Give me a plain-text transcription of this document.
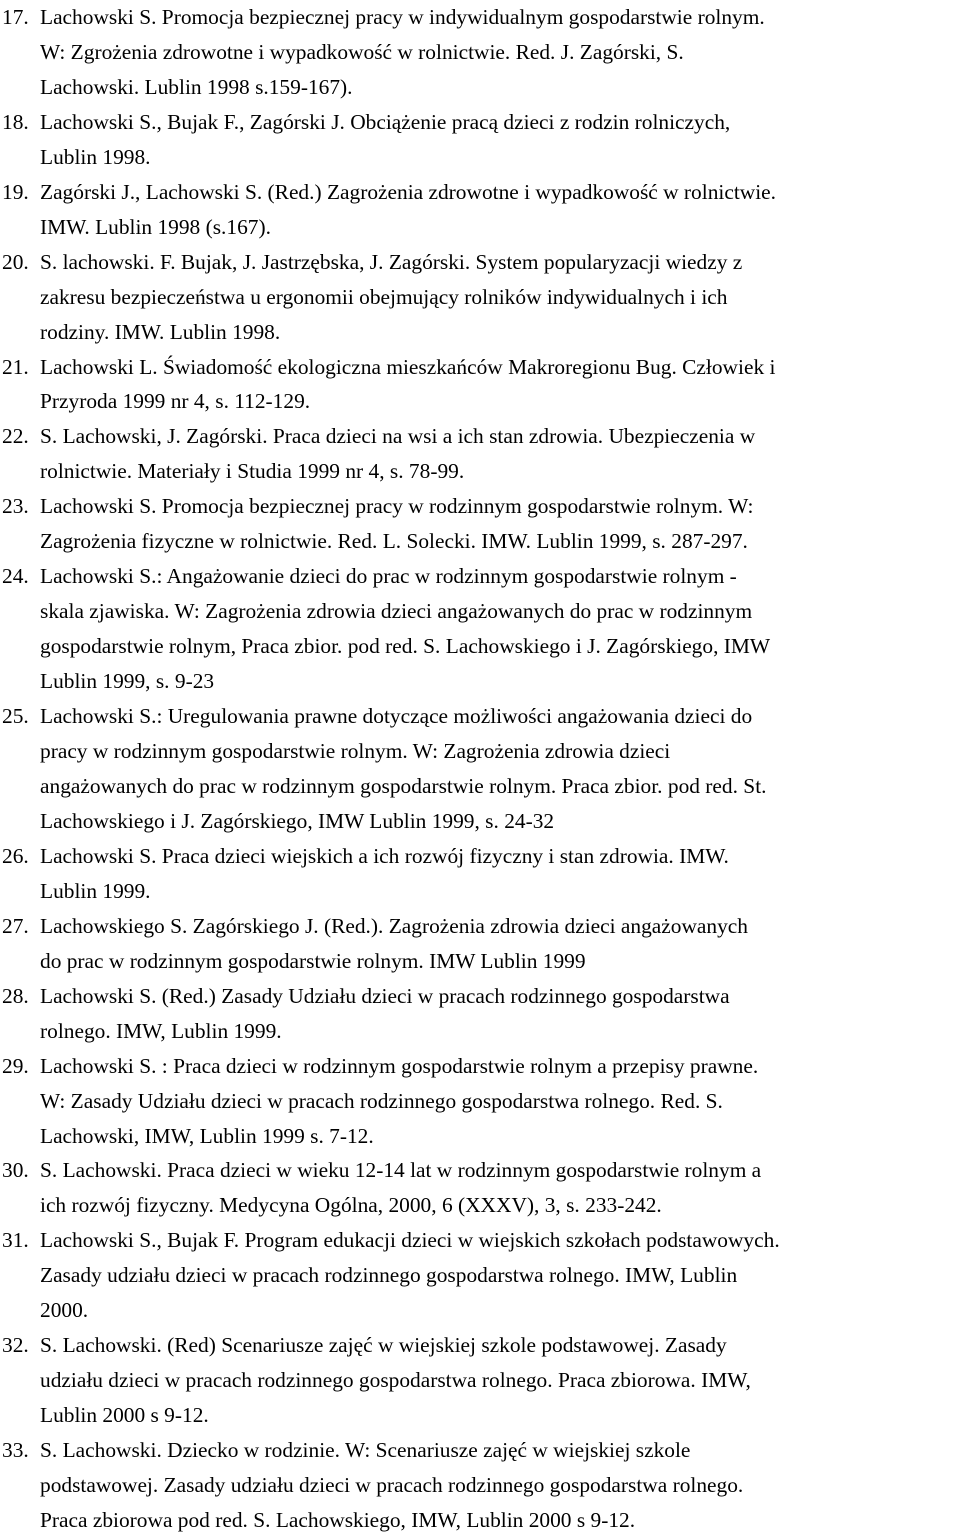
17. Lachowski S. Promocja bezpiecznej pracy w indywidualnym gospodarstwie rolnym.
W: Zgrożenia zdrowotne i wypadkowość w rolnictwie. Red. J. Zagórski, S.
Lachowski. Lublin 1998 s.159-167).
18. Lachowski S., Bujak F., Zagórski J. Obciążenie pracą dzieci z rodzin rolniczych,
Lublin 1998.
19. Zagórski J., Lachowski S. (Red.) Zagrożenia zdrowotne i wypadkowość w rolnictwie.
IMW. Lublin 1998 (s.167).
20. S. lachowski. F. Bujak, J. Jastrzębska, J. Zagórski. System popularyzacji wiedzy z
zakresu bezpieczeństwa u ergonomii obejmujący rolników indywidualnych i ich
rodziny. IMW. Lublin 1998.
21. Lachowski L. Świadomość ekologiczna mieszkańców Makroregionu Bug. Człowiek i
Przyroda 1999 nr 4, s. 112-129.
22. S. Lachowski, J. Zagórski. Praca dzieci na wsi a ich stan zdrowia. Ubezpieczenia w
rolnictwie. Materiały i Studia 1999 nr 4, s. 78-99.
23. Lachowski S. Promocja bezpiecznej pracy w rodzinnym gospodarstwie rolnym. W:
Zagrożenia fizyczne w rolnictwie. Red. L. Solecki. IMW. Lublin 1999, s. 287-297.
24. Lachowski S.: Angażowanie dzieci do prac w rodzinnym gospodarstwie rolnym -
skala zjawiska. W: Zagrożenia zdrowia dzieci angażowanych do prac w rodzinnym
gospodarstwie rolnym, Praca zbior. pod red. S. Lachowskiego i J. Zagórskiego, IMW
Lublin 1999, s. 9-23
25. Lachowski S.: Uregulowania prawne dotyczące możliwości angażowania dzieci do
pracy w rodzinnym gospodarstwie rolnym. W: Zagrożenia zdrowia dzieci
angażowanych do prac w rodzinnym gospodarstwie rolnym. Praca zbior. pod red. St.
Lachowskiego i J. Zagórskiego, IMW Lublin 1999, s. 24-32
26. Lachowski S. Praca dzieci wiejskich a ich rozwój fizyczny i stan zdrowia. IMW.
Lublin 1999.
27. Lachowskiego S. Zagórskiego J. (Red.). Zagrożenia zdrowia dzieci angażowanych
do prac w rodzinnym gospodarstwie rolnym. IMW Lublin 1999
28. Lachowski S. (Red.) Zasady Udziału dzieci w pracach rodzinnego gospodarstwa
rolnego. IMW, Lublin 1999.
29. Lachowski S. : Praca dzieci w rodzinnym gospodarstwie rolnym a przepisy prawne.
W: Zasady Udziału dzieci w pracach rodzinnego gospodarstwa rolnego. Red. S.
Lachowski, IMW, Lublin 1999 s. 7-12.
30. S. Lachowski. Praca dzieci w wieku 12-14 lat w rodzinnym gospodarstwie rolnym a
ich rozwój fizyczny. Medycyna Ogólna, 2000, 6 (XXXV), 3, s. 233-242.
31. Lachowski S., Bujak F. Program edukacji dzieci w wiejskich szkołach podstawowych.
Zasady udziału dzieci w pracach rodzinnego gospodarstwa rolnego. IMW, Lublin
2000.
32. S. Lachowski. (Red) Scenariusze zajęć w wiejskiej szkole podstawowej. Zasady
udziału dzieci w pracach rodzinnego gospodarstwa rolnego. Praca zbiorowa. IMW,
Lublin 2000 s 9-12.
33. S. Lachowski. Dziecko w rodzinie. W: Scenariusze zajęć w wiejskiej szkole
podstawowej. Zasady udziału dzieci w pracach rodzinnego gospodarstwa rolnego.
Praca zbiorowa pod red. S. Lachowskiego, IMW, Lublin 2000 s 9-12.
